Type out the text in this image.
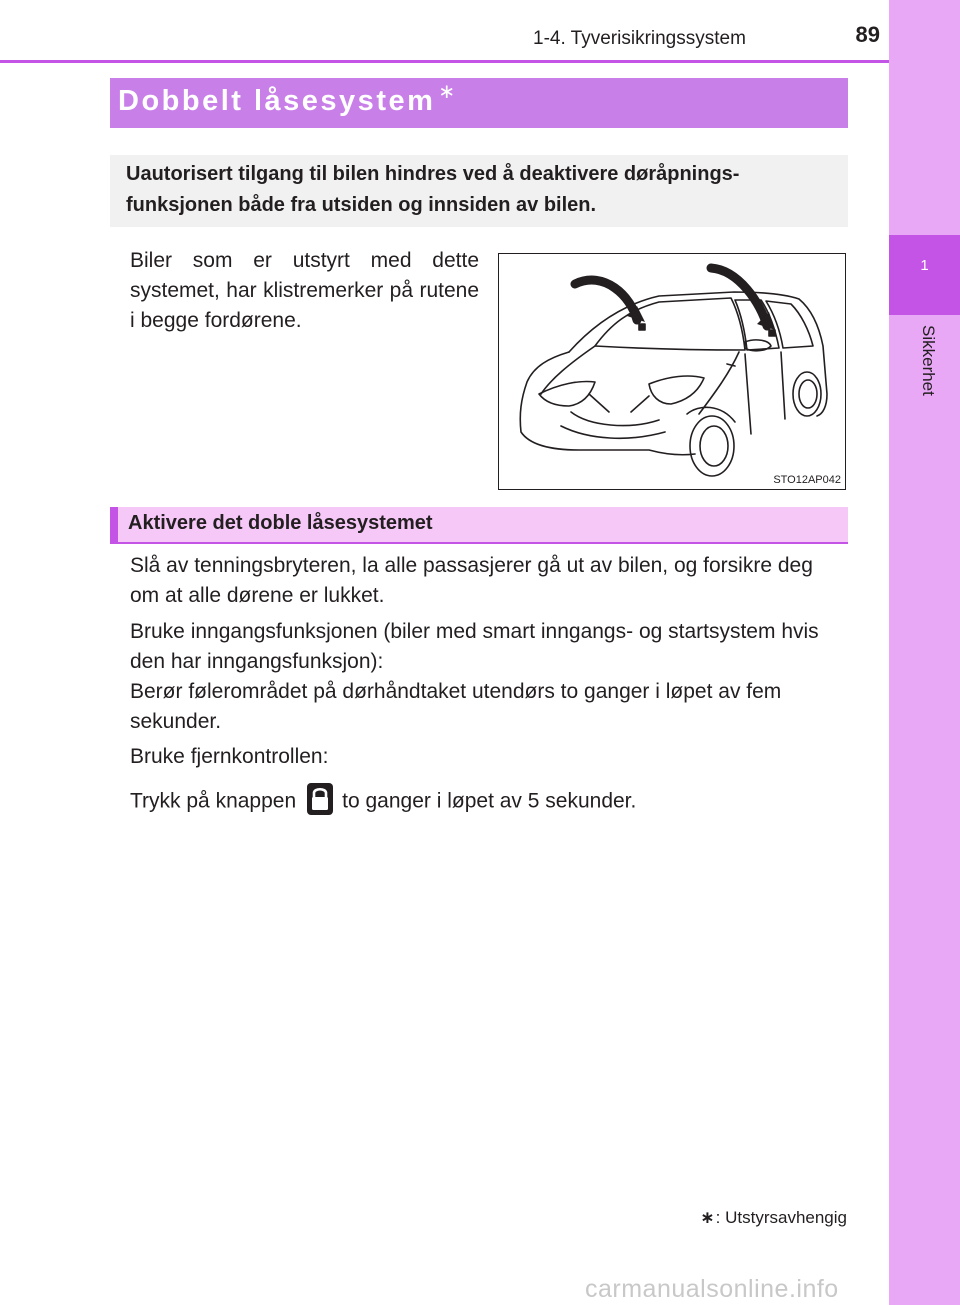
1
Sikkerhet
1-4. Tyverisikringssystem	89
Dobbelt låsesystem ∗
Uautorisert tilgang til bilen hindres ved å deaktivere døråpnings-funksjonen både fra utsiden og innsiden av bilen.
Biler som er utstyrt med dette systemet, har klistremerker på rutene i begge fordørene.
STO12AP042
Aktivere det doble låsesystemet
Slå av tenningsbryteren, la alle passasjerer gå ut av bilen, og forsikre deg om at alle dørene er lukket.
Bruke inngangsfunksjonen (biler med smart inngangs- og startsystem hvis den har inngangsfunksjon):
Berør følerområdet på dørhåndtaket utendørs to ganger i løpet av fem sekunder.
Bruke fjernkontrollen:
Trykk på knappen to ganger i løpet av 5 sekunder.
∗: Utstyrsavhengig
carmanualsonline.info
